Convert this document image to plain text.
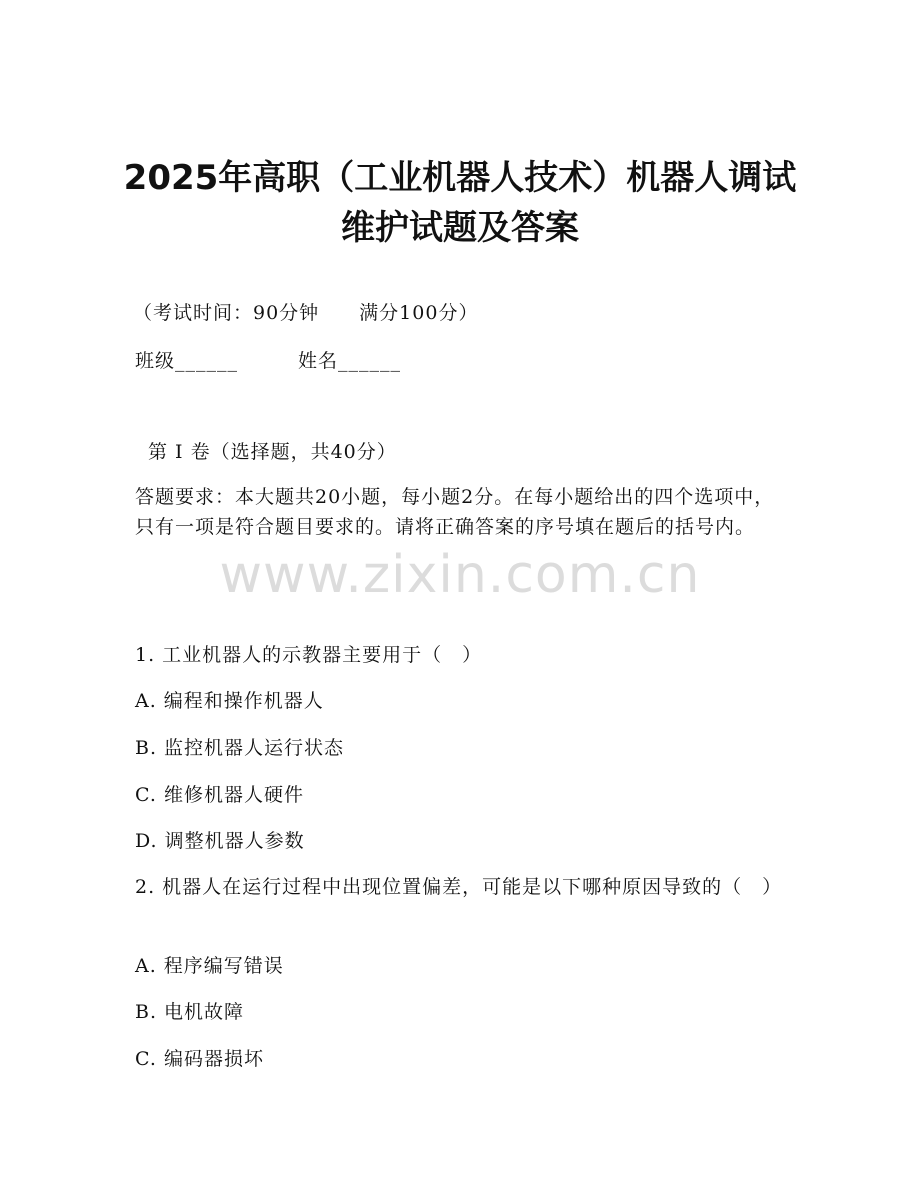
2025年高职（工业机器人技术）机器人调试
维护试题及答案
（考试时间：90分钟　　满分100分）
班级______　　　姓名______
第 I 卷（选择题，共40分）
答题要求：本大题共20小题，每小题2分。在每小题给出的四个选项中，只有一项是符合题目要求的。请将正确答案的序号填在题后的括号内。
www.zixin.com.cn
1. 工业机器人的示教器主要用于（　）
A. 编程和操作机器人
B. 监控机器人运行状态
C. 维修机器人硬件
D. 调整机器人参数
2. 机器人在运行过程中出现位置偏差，可能是以下哪种原因导致的（　）
A. 程序编写错误
B. 电机故障
C. 编码器损坏
